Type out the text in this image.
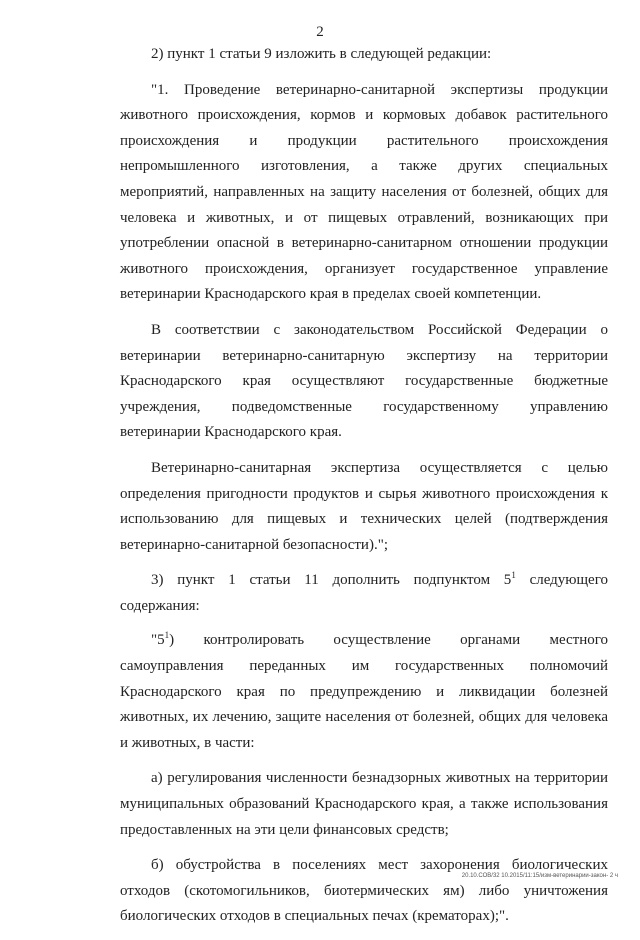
2

2) пункт 1 статьи 9 изложить в следующей редакции:

"1. Проведение ветеринарно-санитарной экспертизы продукции животного происхождения, кормов и кормовых добавок растительного происхождения и продукции растительного происхождения непромышленного изготовления, а также других специальных мероприятий, направленных на защиту населения от болезней, общих для человека и животных, и от пищевых отравлений, возникающих при употреблении опасной в ветеринарно-санитарном отношении продукции животного происхождения, организует государственное управление ветеринарии Краснодарского края в пределах своей компетенции.

В соответствии с законодательством Российской Федерации о ветеринарии ветеринарно-санитарную экспертизу на территории Краснодарского края осуществляют государственные бюджетные учреждения, подведомственные государственному управлению ветеринарии Краснодарского края.

Ветеринарно-санитарная экспертиза осуществляется с целью определения пригодности продуктов и сырья животного происхождения к использованию для пищевых и технических целей (подтверждения ветеринарно-санитарной безопасности).";

3) пункт 1 статьи 11 дополнить подпунктом $5^1$ следующего содержания:

"$5^1$) контролировать осуществление органами местного самоуправления переданных им государственных полномочий Краснодарского края по предупреждению и ликвидации болезней животных, их лечению, защите населения от болезней, общих для человека и животных, в части:

а) регулирования численности безнадзорных животных на территории муниципальных образований Краснодарского края, а также использования предоставленных на эти цели финансовых средств;

б) обустройства в поселениях мест захоронения биологических отходов (скотомогильников, биотермических ям) либо уничтожения биологических отходов в специальных печах (крематорах);".

20.10.СОВ/32 10.2015/11:15/изм-ветеринарии-закон- 2 ч
